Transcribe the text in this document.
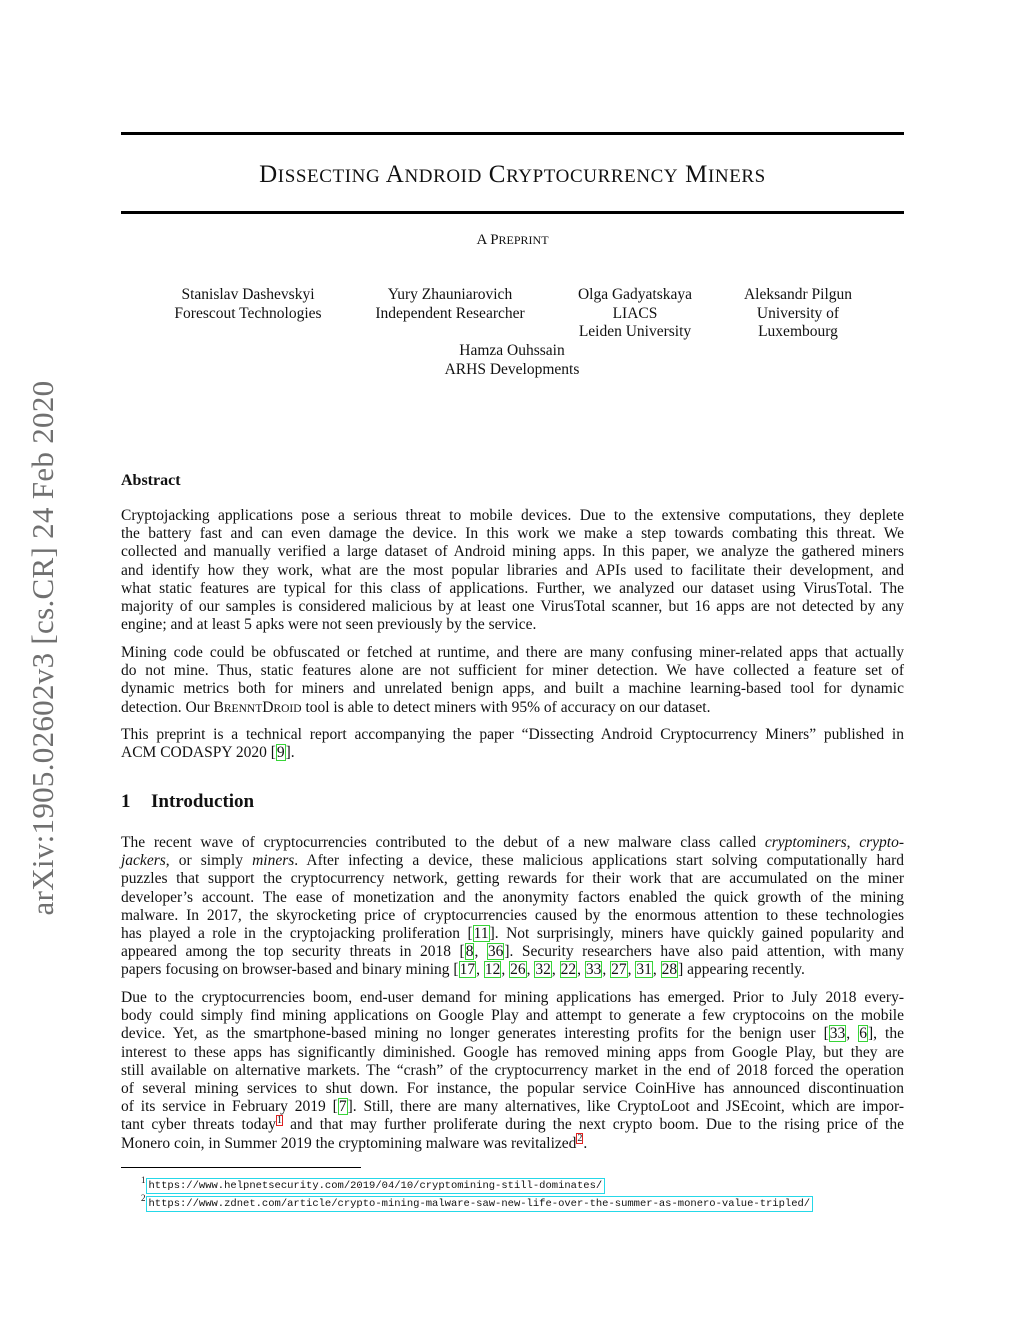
arXiv:1905.02602v3 [cs.CR] 24 Feb 2020
DISSECTING ANDROID CRYPTOCURRENCY MINERS
A PREPRINT
Stanislav Dashevskyi
Forescout Technologies
Yury Zhauniarovich
Independent Researcher
Olga Gadyatskaya
LIACS
Leiden University
Aleksandr Pilgun
University of
Luxembourg
Hamza Ouhssain
ARHS Developments
Abstract
Cryptojacking applications pose a serious threat to mobile devices. Due to the extensive computations, they deplete
the battery fast and can even damage the device. In this work we make a step towards combating this threat. We
collected and manually verified a large dataset of Android mining apps. In this paper, we analyze the gathered miners
and identify how they work, what are the most popular libraries and APIs used to facilitate their development, and
what static features are typical for this class of applications. Further, we analyzed our dataset using VirusTotal. The
majority of our samples is considered malicious by at least one VirusTotal scanner, but 16 apps are not detected by any
engine; and at least 5 apks were not seen previously by the service.
Mining code could be obfuscated or fetched at runtime, and there are many confusing miner-related apps that actually
do not mine. Thus, static features alone are not sufficient for miner detection. We have collected a feature set of
dynamic metrics both for miners and unrelated benign apps, and built a machine learning-based tool for dynamic
detection. Our BRENNTDROID tool is able to detect miners with 95% of accuracy on our dataset.
This preprint is a technical report accompanying the paper “Dissecting Android Cryptocurrency Miners” published in
ACM CODASPY 2020 [9].
1 Introduction
The recent wave of cryptocurrencies contributed to the debut of a new malware class called cryptominers, crypto-
jackers, or simply miners. After infecting a device, these malicious applications start solving computationally hard
puzzles that support the cryptocurrency network, getting rewards for their work that are accumulated on the miner
developer’s account. The ease of monetization and the anonymity factors enabled the quick growth of the mining
malware. In 2017, the skyrocketing price of cryptocurrencies caused by the enormous attention to these technologies
has played a role in the cryptojacking proliferation [11]. Not surprisingly, miners have quickly gained popularity and
appeared among the top security threats in 2018 [8, 36]. Security researchers have also paid attention, with many
papers focusing on browser-based and binary mining [17, 12, 26, 32, 22, 33, 27, 31, 28] appearing recently.
Due to the cryptocurrencies boom, end-user demand for mining applications has emerged. Prior to July 2018 every-
body could simply find mining applications on Google Play and attempt to generate a few cryptocoins on the mobile
device. Yet, as the smartphone-based mining no longer generates interesting profits for the benign user [33, 6], the
interest to these apps has significantly diminished. Google has removed mining apps from Google Play, but they are
still available on alternative markets. The “crash” of the cryptocurrency market in the end of 2018 forced the operation
of several mining services to shut down. For instance, the popular service CoinHive has announced discontinuation
of its service in February 2019 [7]. Still, there are many alternatives, like CryptoLoot and JSEcoint, which are impor-
tant cyber threats today$^1$ and that may further proliferate during the next crypto boom. Due to the rising price of the
Monero coin, in Summer 2019 the cryptomining malware was revitalized$^2$.
1 https://www.helpnetsecurity.com/2019/04/10/cryptomining-still-dominates/
2 https://www.zdnet.com/article/crypto-mining-malware-saw-new-life-over-the-summer-as-monero-value-tripled/
